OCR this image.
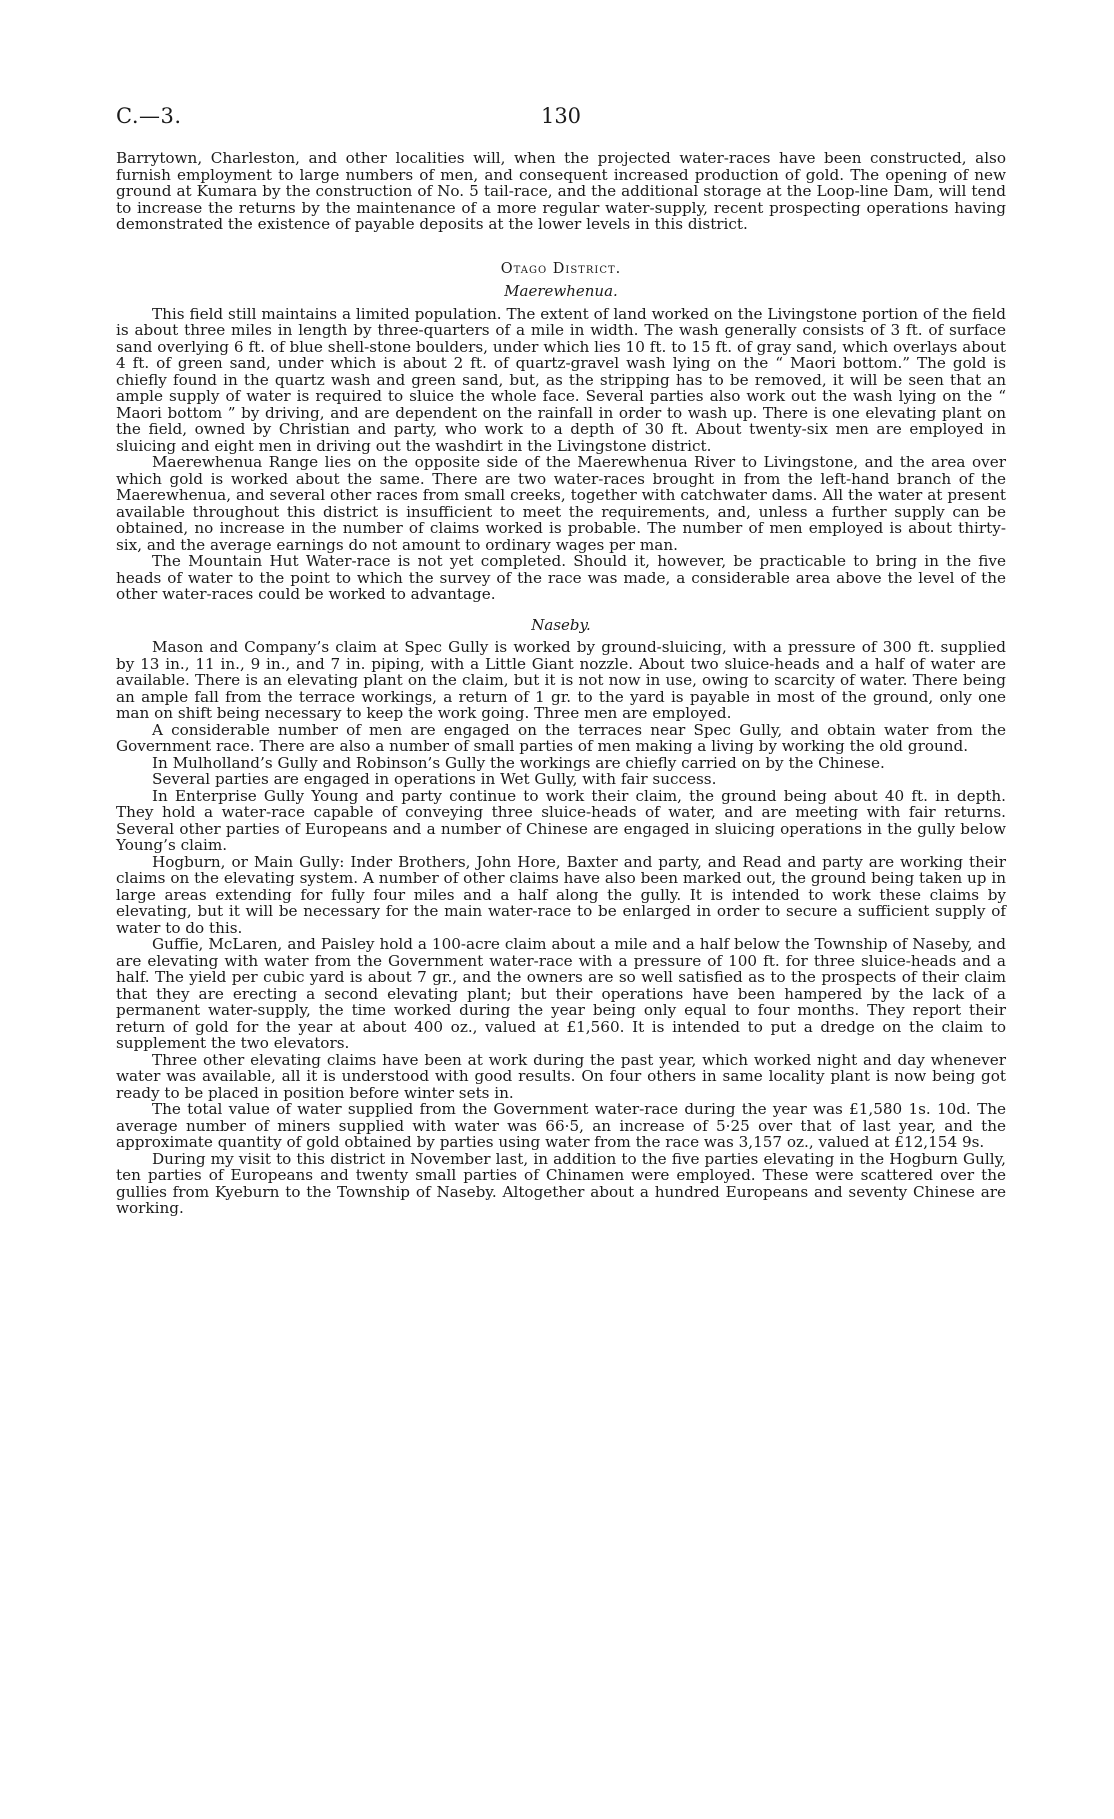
C.—3.	130

Barrytown, Charleston, and other localities will, when the projected water-races have been constructed, also furnish employment to large numbers of men, and consequent increased production of gold. The opening of new ground at Kumara by the construction of No. 5 tail-race, and the additional storage at the Loop-line Dam, will tend to increase the returns by the maintenance of a more regular water-supply, recent prospecting operations having demonstrated the existence of payable deposits at the lower levels in this district.

Otago District.
Maerewhenua.

This field still maintains a limited population. The extent of land worked on the Livingstone portion of the field is about three miles in length by three-quarters of a mile in width. The wash generally consists of 3 ft. of surface sand overlying 6 ft. of blue shell-stone boulders, under which lies 10 ft. to 15 ft. of gray sand, which overlays about 4 ft. of green sand, under which is about 2 ft. of quartz-gravel wash lying on the “ Maori bottom.” The gold is chiefly found in the quartz wash and green sand, but, as the stripping has to be removed, it will be seen that an ample supply of water is required to sluice the whole face. Several parties also work out the wash lying on the “ Maori bottom ” by driving, and are dependent on the rainfall in order to wash up. There is one elevating plant on the field, owned by Christian and party, who work to a depth of 30 ft. About twenty-six men are employed in sluicing and eight men in driving out the washdirt in the Livingstone district.

Maerewhenua Range lies on the opposite side of the Maerewhenua River to Livingstone, and the area over which gold is worked about the same. There are two water-races brought in from the left-hand branch of the Maerewhenua, and several other races from small creeks, together with catchwater dams. All the water at present available throughout this district is insufficient to meet the requirements, and, unless a further supply can be obtained, no increase in the number of claims worked is probable. The number of men employed is about thirty-six, and the average earnings do not amount to ordinary wages per man.

The Mountain Hut Water-race is not yet completed. Should it, however, be practicable to bring in the five heads of water to the point to which the survey of the race was made, a considerable area above the level of the other water-races could be worked to advantage.

Naseby.

Mason and Company’s claim at Spec Gully is worked by ground-sluicing, with a pressure of 300 ft. supplied by 13 in., 11 in., 9 in., and 7 in. piping, with a Little Giant nozzle. About two sluice-heads and a half of water are available. There is an elevating plant on the claim, but it is not now in use, owing to scarcity of water. There being an ample fall from the terrace workings, a return of 1 gr. to the yard is payable in most of the ground, only one man on shift being necessary to keep the work going. Three men are employed.

A considerable number of men are engaged on the terraces near Spec Gully, and obtain water from the Government race. There are also a number of small parties of men making a living by working the old ground.

In Mulholland’s Gully and Robinson’s Gully the workings are chiefly carried on by the Chinese.

Several parties are engaged in operations in Wet Gully, with fair success.

In Enterprise Gully Young and party continue to work their claim, the ground being about 40 ft. in depth. They hold a water-race capable of conveying three sluice-heads of water, and are meeting with fair returns. Several other parties of Europeans and a number of Chinese are engaged in sluicing operations in the gully below Young’s claim.

Hogburn, or Main Gully: Inder Brothers, John Hore, Baxter and party, and Read and party are working their claims on the elevating system. A number of other claims have also been marked out, the ground being taken up in large areas extending for fully four miles and a half along the gully. It is intended to work these claims by elevating, but it will be necessary for the main water-race to be enlarged in order to secure a sufficient supply of water to do this.

Guffie, McLaren, and Paisley hold a 100-acre claim about a mile and a half below the Township of Naseby, and are elevating with water from the Government water-race with a pressure of 100 ft. for three sluice-heads and a half. The yield per cubic yard is about 7 gr., and the owners are so well satisfied as to the prospects of their claim that they are erecting a second elevating plant; but their operations have been hampered by the lack of a permanent water-supply, the time worked during the year being only equal to four months. They report their return of gold for the year at about 400 oz., valued at £1,560. It is intended to put a dredge on the claim to supplement the two elevators.

Three other elevating claims have been at work during the past year, which worked night and day whenever water was available, all it is understood with good results. On four others in same locality plant is now being got ready to be placed in position before winter sets in.

The total value of water supplied from the Government water-race during the year was £1,580 1s. 10d. The average number of miners supplied with water was 66·5, an increase of 5·25 over that of last year, and the approximate quantity of gold obtained by parties using water from the race was 3,157 oz., valued at £12,154 9s.

During my visit to this district in November last, in addition to the five parties elevating in the Hogburn Gully, ten parties of Europeans and twenty small parties of Chinamen were employed. These were scattered over the gullies from Kyeburn to the Township of Naseby. Altogether about a hundred Europeans and seventy Chinese are working.
